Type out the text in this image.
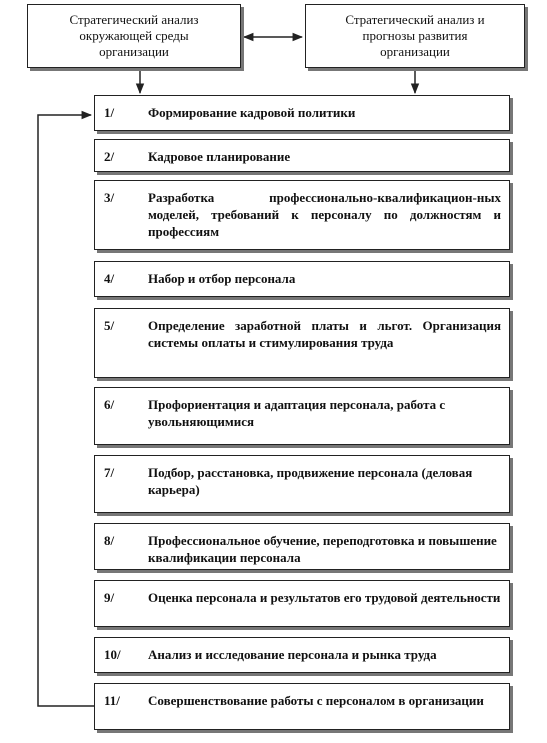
Стратегический анализ
окружающей среды
организации
Стратегический анализ и
прогнозы развития
организации
1/	Формирование кадровой политики
2/	Кадровое планирование
3/	Разработка профессионально-квалификацион-ных моделей, требований к персоналу по должностям и профессиям
4/	Набор и отбор персонала
5/	Определение заработной платы и льгот. Организация системы оплаты и стимулирования труда
6/	Профориентация и адаптация персонала, работа с увольняющимися
7/	Подбор, расстановка, продвижение персонала (деловая карьера)
8/	Профессиональное обучение, переподготовка и повышение квалификации персонала
9/	Оценка персонала и результатов его трудовой деятельности
10/ Анализ и исследование персонала и рынка труда
11/ Совершенствование работы с персоналом в организации
